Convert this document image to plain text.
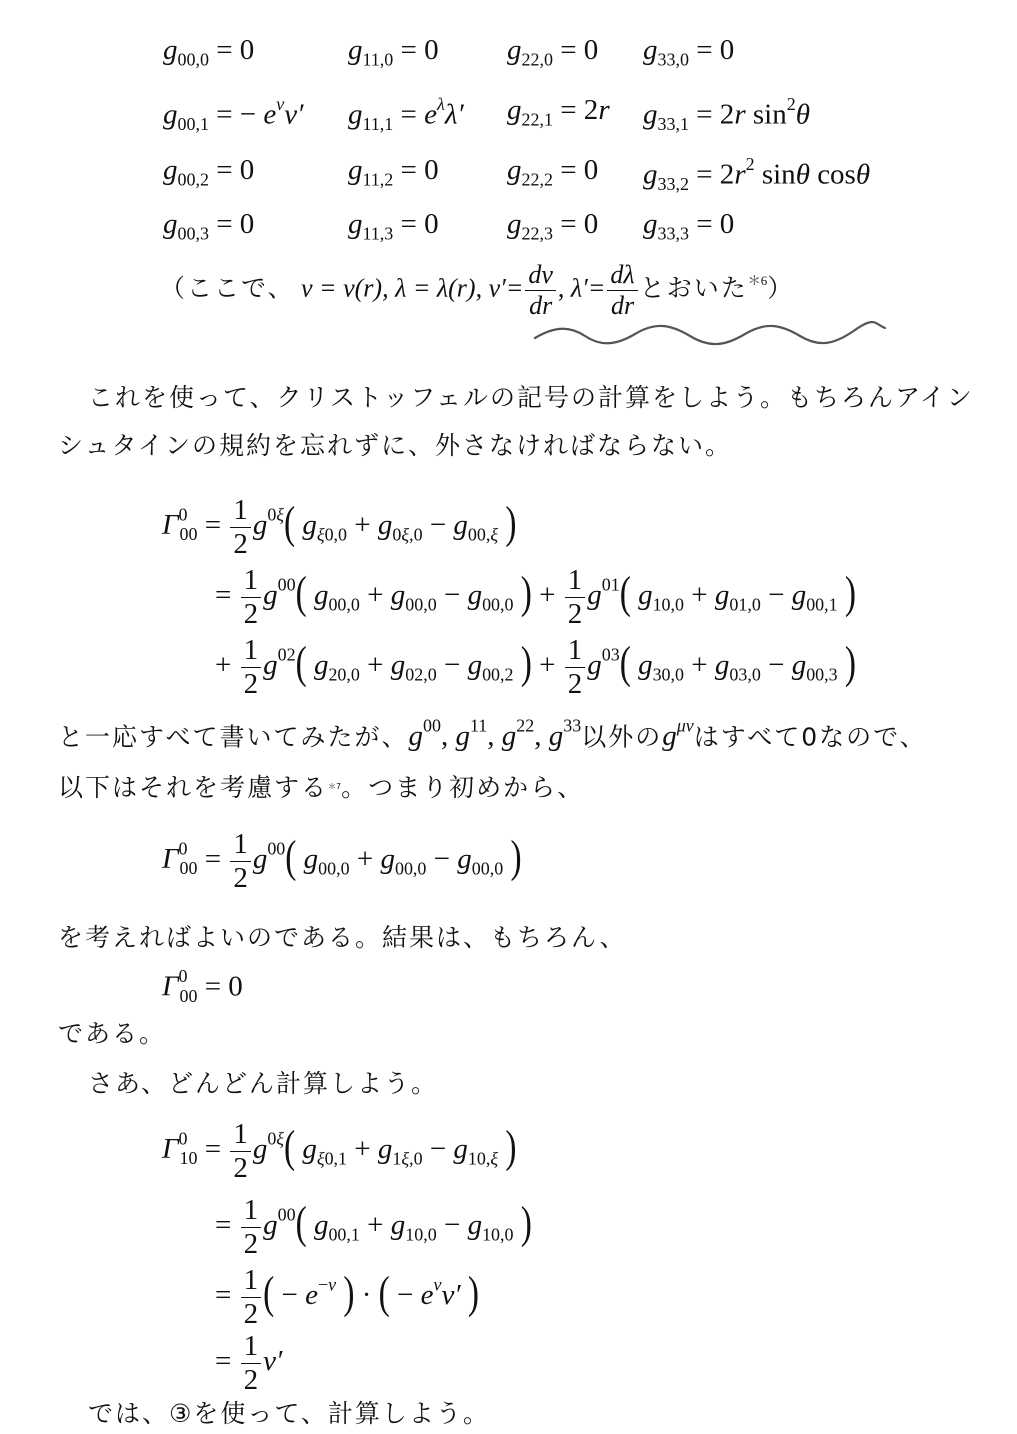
$g_{00,0} = 0$	$g_{11,0} = 0$ $g_{22,0} = 0$ $g_{33,0} = 0$
$g_{00,1}$ = − $e^\nu\nu'$ $g_{11,1} = e^\lambda\lambda'$ $g_{22,1} = 2r$ $g_{33,1} = 2r$ $\sin^2\theta$
$g_{00,2} = 0$	$g_{11,2} = 0$ $g_{22,2} = 0$ $g_{33,2} = 2r^2$ sinθ cosθ
$g_{00,3} = 0$	$g_{11,3} = 0$ $g_{22,3} = 0$ $g_{33,3} = 0$
（ここで、 ν = ν(r), λ = λ(r), $\nu'= \frac{d\nu}{dr}$ , $\lambda'= \frac{d\lambda}{dr}$ とおいた$^{*6}$）
これを使って、クリストッフェルの記号の計算をしよう。もちろんアイン
シュタインの規約を忘れずに、外さなければならない。
$\Gamma^0_{00} = \frac{1}{2} g^{0\xi}$( $g_{\xi 0,0} + g_{0\xi,0} - g_{00,\xi}$ )
= $\frac{1}{2} g^{00}$( $g_{00,0} + g_{00,0} - g_{00,0}$ ) + $\frac{1}{2} g^{01}$( $g_{10,0} + g_{01,0} - g_{00,1}$ )
+ $\frac{1}{2} g^{02}$( $g_{20,0} + g_{02,0} - g_{00,2}$ ) + $\frac{1}{2} g^{03}$( $g_{30,0} + g_{03,0} - g_{00,3}$ )
と一応すべて書いてみたが、$g^{00}$, $g^{11}$, $g^{22}$, $g^{33}$以外の$g^{\mu\nu}$はすべて0なので、
以下はそれを考慮する$^{*7}$。つまり初めから、
$\Gamma^0_{00} = \frac{1}{2} g^{00}$( $g_{00,0} + g_{00,0} - g_{00,0}$ )
を考えればよいのである。結果は、もちろん、
$\Gamma^0_{00} = 0$
である。
さあ、どんどん計算しよう。
$\Gamma^0_{10} = \frac{1}{2} g^{0\xi}$( $g_{\xi 0,1} + g_{1\xi,0} - g_{10,\xi}$ )
= $\frac{1}{2} g^{00}$( $g_{00,1} + g_{10,0} - g_{10,0}$ )
= $\frac{1}{2}$ ( − $e^{-\nu}$ ) · ( − $e^\nu\nu'$ )
= $\frac{1}{2} \nu'$
では、③を使って、計算しよう。
